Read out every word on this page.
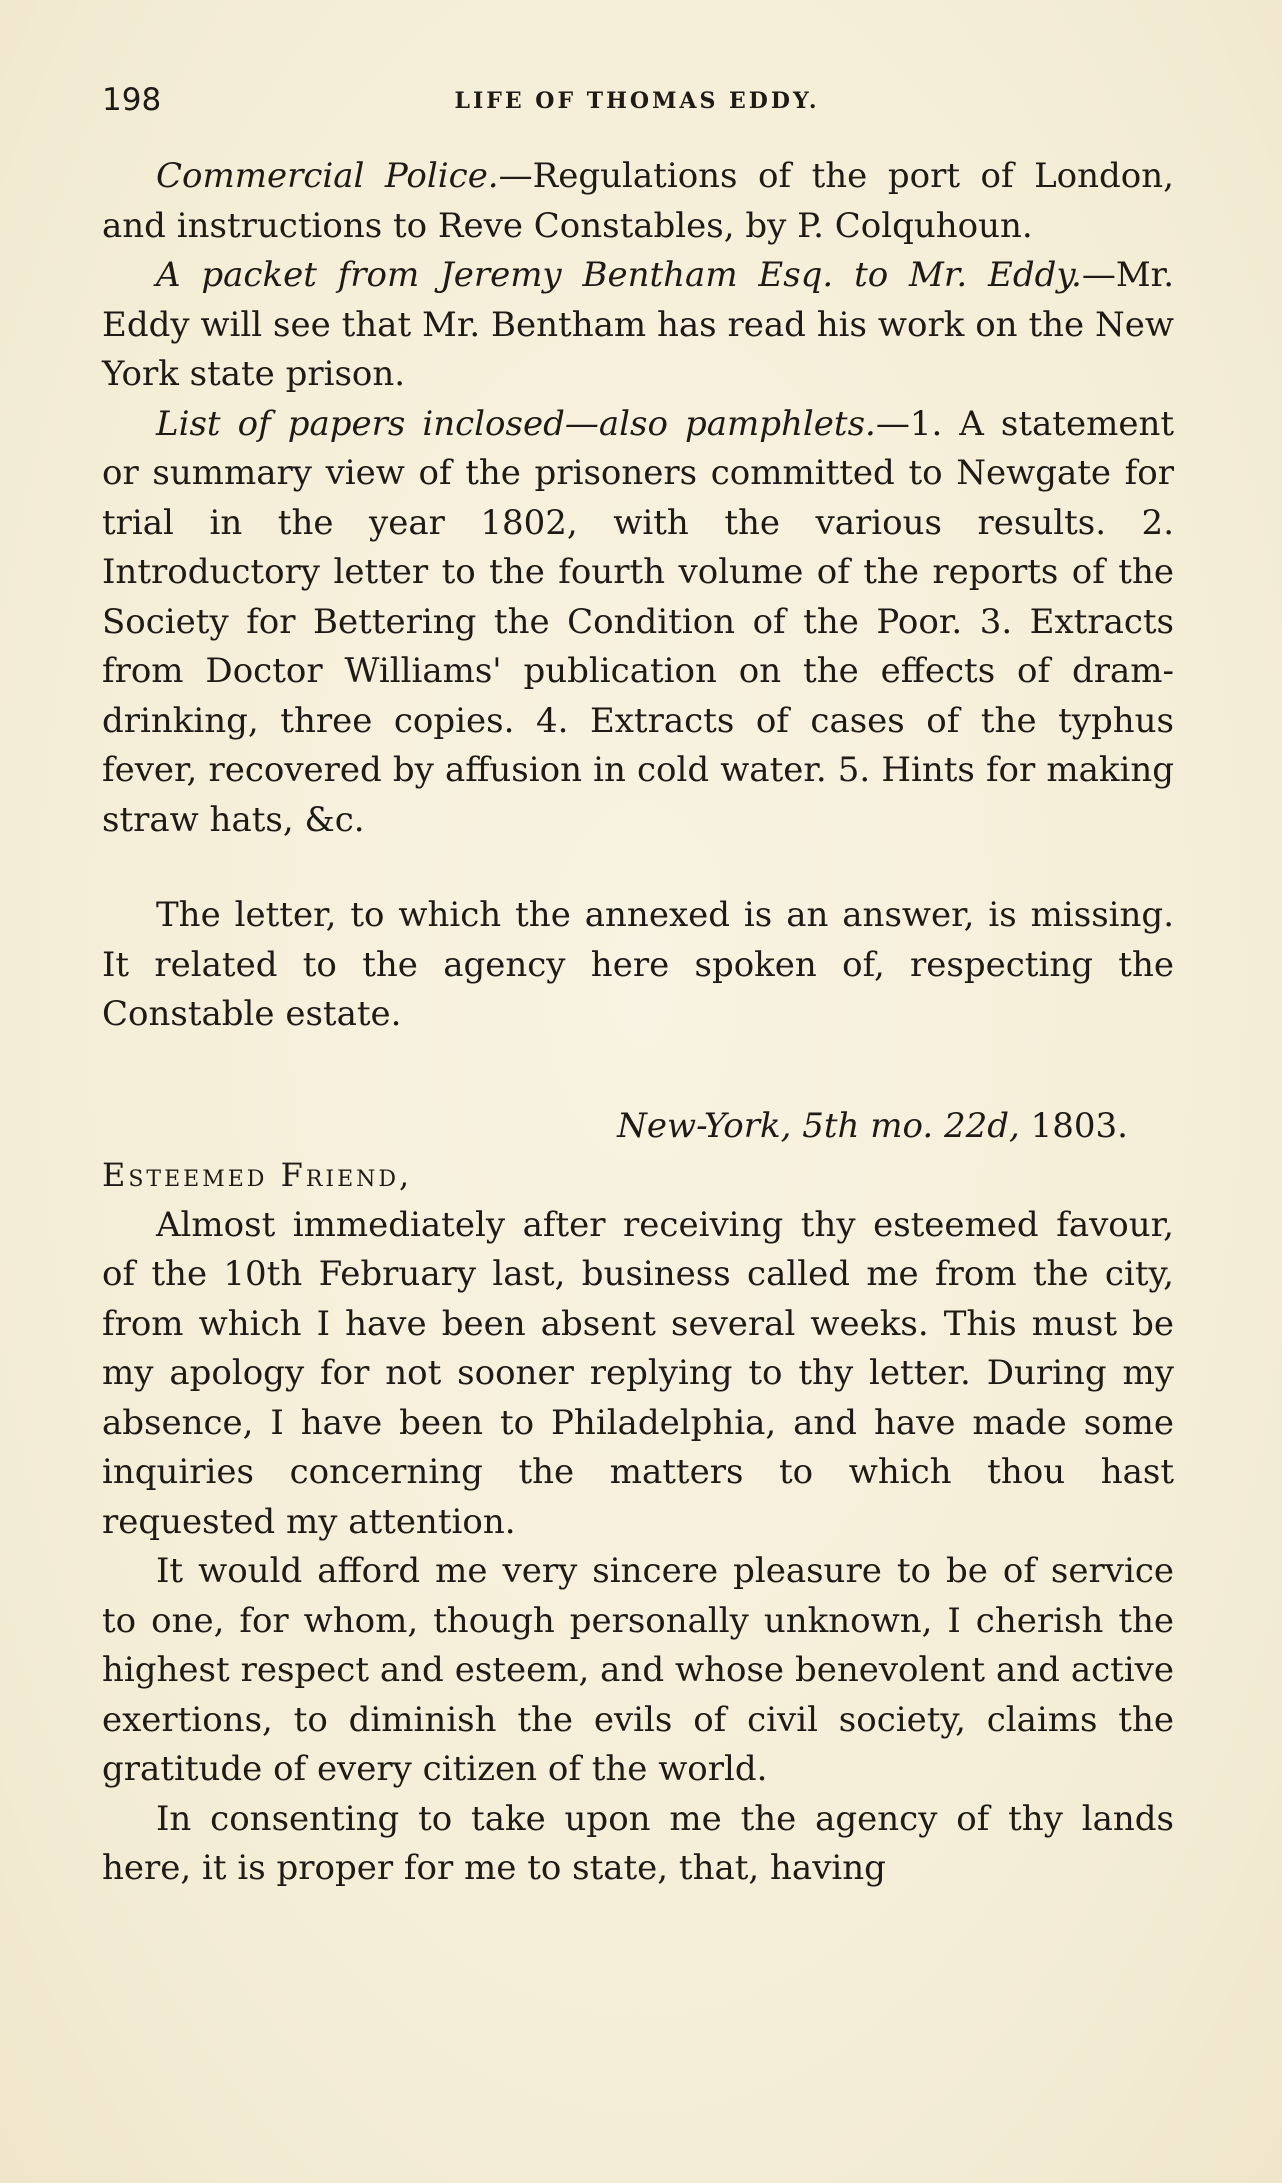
198	LIFE OF THOMAS EDDY.

Commercial Police.—Regulations of the port of London, and instructions to Reve Constables, by P. Colquhoun.

A packet from Jeremy Bentham Esq. to Mr. Eddy.—Mr. Eddy will see that Mr. Bentham has read his work on the New York state prison.

List of papers inclosed—also pamphlets.—1. A statement or summary view of the prisoners committed to Newgate for trial in the year 1802, with the various results. 2. Introductory letter to the fourth volume of the reports of the Society for Bettering the Condition of the Poor. 3. Extracts from Doctor Williams' publication on the effects of dram-drinking, three copies. 4. Extracts of cases of the typhus fever, recovered by affusion in cold water. 5. Hints for making straw hats, &c.

The letter, to which the annexed is an answer, is missing. It related to the agency here spoken of, respecting the Constable estate.

New-York, 5th mo. 22d, 1803.

Esteemed Friend,

Almost immediately after receiving thy esteemed favour, of the 10th February last, business called me from the city, from which I have been absent several weeks. This must be my apology for not sooner replying to thy letter. During my absence, I have been to Philadelphia, and have made some inquiries concerning the matters to which thou hast requested my attention.

It would afford me very sincere pleasure to be of service to one, for whom, though personally unknown, I cherish the highest respect and esteem, and whose benevolent and active exertions, to diminish the evils of civil society, claims the gratitude of every citizen of the world.

In consenting to take upon me the agency of thy lands here, it is proper for me to state, that, having
